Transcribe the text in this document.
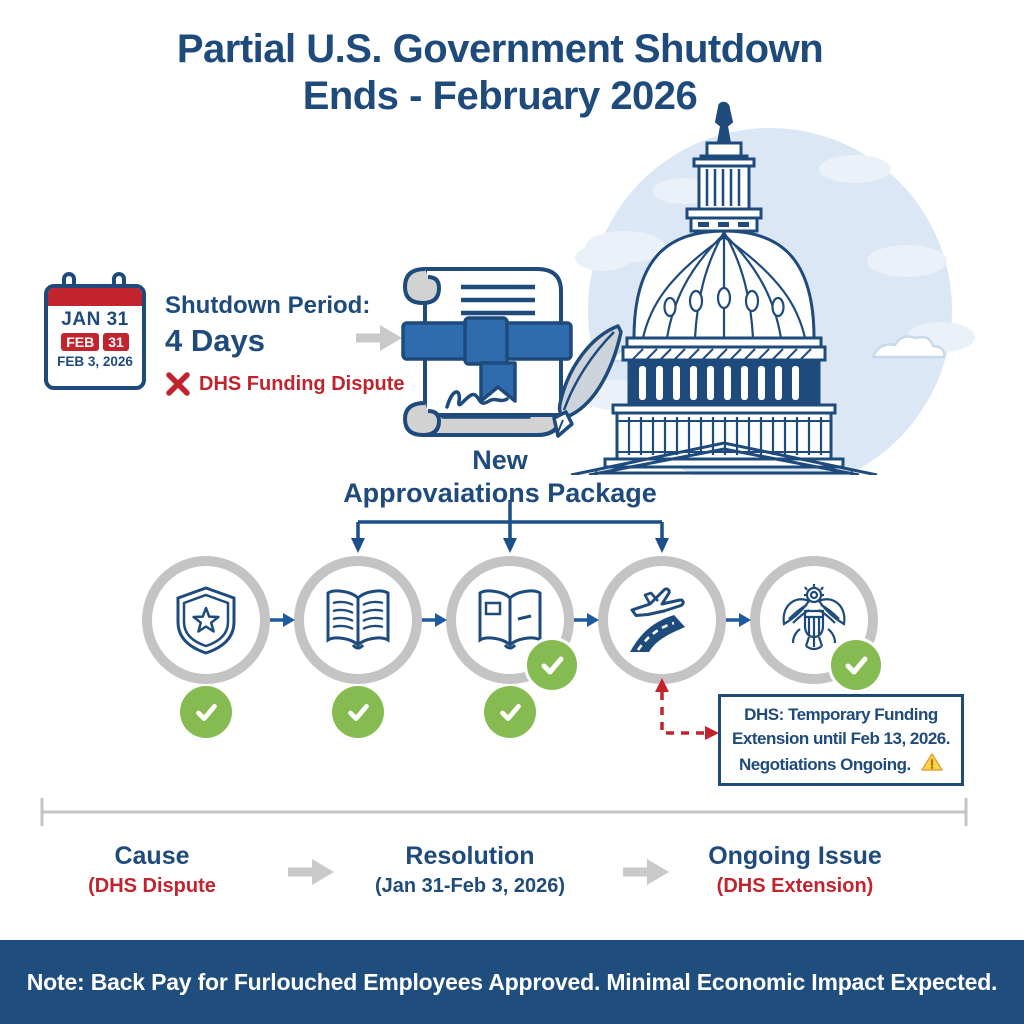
Partial U.S. Government Shutdown
Ends - February 2026
JAN 31
FEB	31
FEB 3, 2026
Shutdown Period:
4 Days
DHS Funding Dispute
New
Approvaiations Package
DHS: Temporary Funding
Extension until Feb 13, 2026.
Negotiations Ongoing.
Cause
(DHS Dispute
Resolution
(Jan 31-Feb 3, 2026)
Ongoing Issue
(DHS Extension)
Note: Back Pay for Furlouched Employees Approved. Minimal Economic Impact Expected.
